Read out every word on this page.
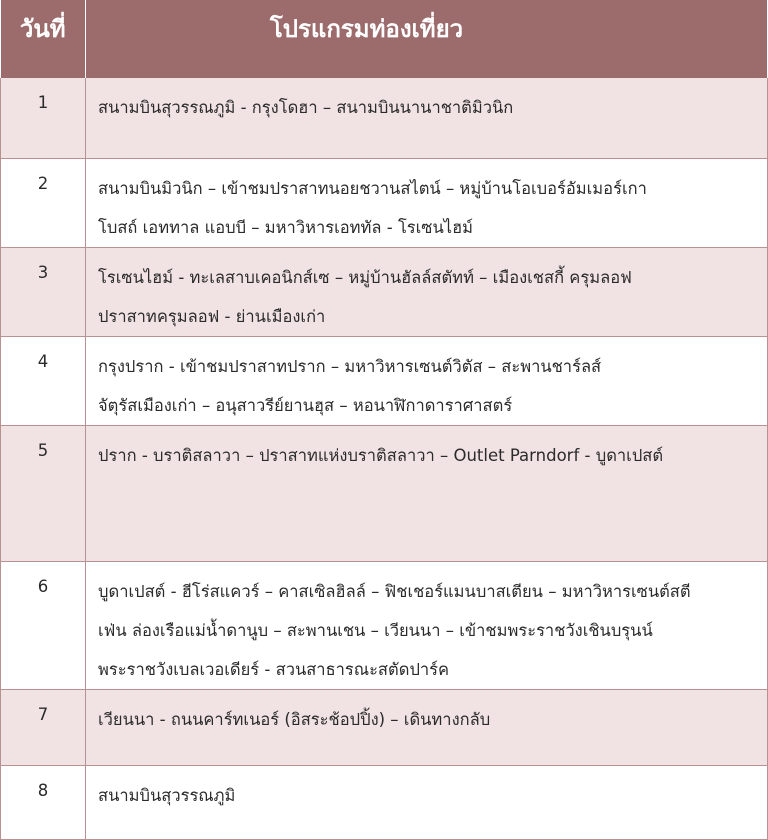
วันที่	โปรแกรมท่องเที่ยว
1	สนามบินสุวรรณภูมิ - กรุงโดฮา – สนามบินนานาชาติมิวนิก

2	สนามบินมิวนิก – เข้าชมปราสาทนอยชวานสไตน์ – หมู่บ้านโอเบอร์อัมเมอร์เกา
โบสถ์ เอททาล แอบบี – มหาวิหารเอททัล - โรเซนไฮม์

3	โรเซนไฮม์ - ทะเลสาบเคอนิกส์เซ – หมู่บ้านฮัลล์สตัทท์ – เมืองเชสกี้ ครุมลอฟ
ปราสาทครุมลอฟ - ย่านเมืองเก่า

4	กรุงปราก - เข้าชมปราสาทปราก – มหาวิหารเซนต์วิตัส – สะพานชาร์ลส์
จัตุรัสเมืองเก่า – อนุสาวรีย์ยานฮุส – หอนาฬิกาดาราศาสตร์

5	ปราก - บราติสลาวา – ปราสาทแห่งบราติสลาวา – Outlet Parndorf - บูดาเปสต์

6	บูดาเปสต์ - ฮีโร่สแควร์ – คาสเซิลฮิลล์ – ฟิชเชอร์แมนบาสเตียน – มหาวิหารเซนต์สตี
เฟ่น ล่องเรือแม่น้ำดานูบ – สะพานเชน – เวียนนา – เข้าชมพระราชวังเชินบรุนน์
พระราชวังเบลเวอเดียร์ - สวนสาธารณะสตัดปาร์ค

7	เวียนนา - ถนนคาร์ทเนอร์ (อิสระช้อปปิ้ง) – เดินทางกลับ

8	สนามบินสุวรรณภูมิ
